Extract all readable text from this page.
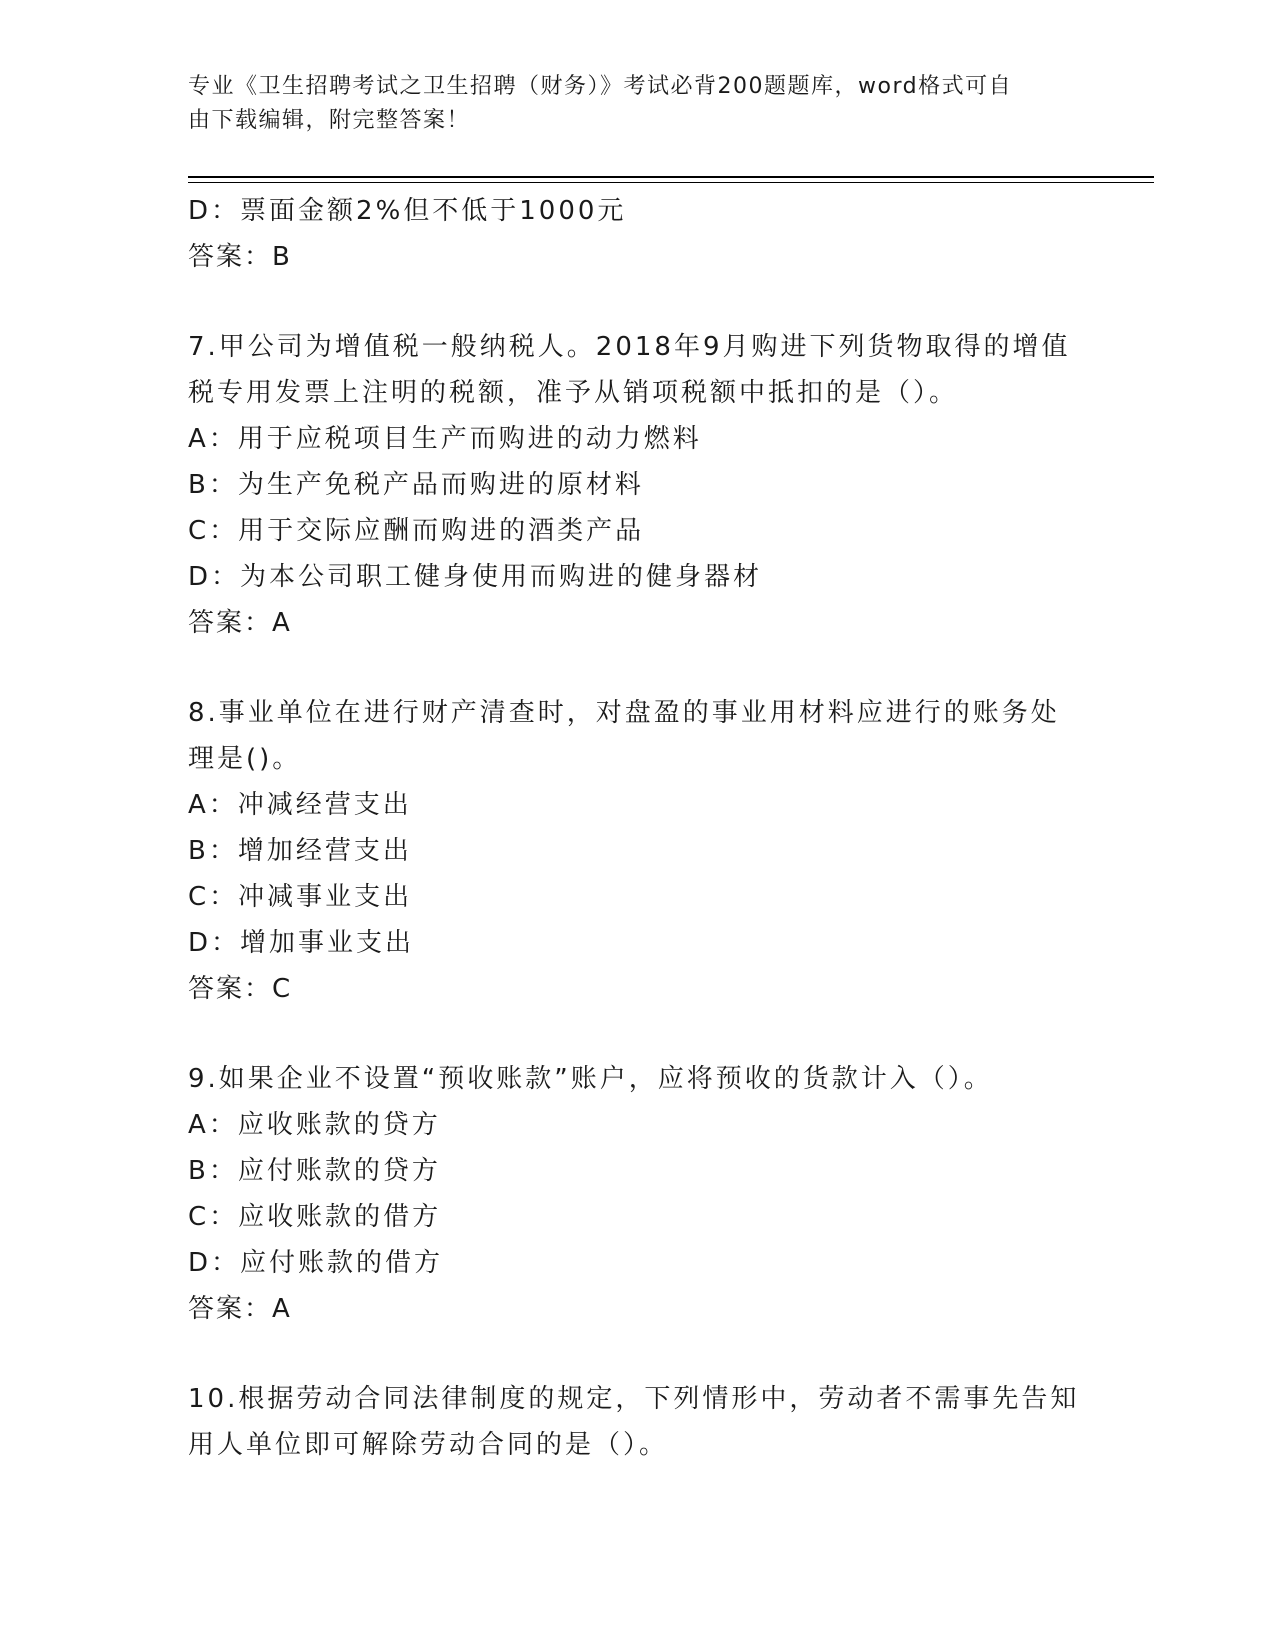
专业《卫生招聘考试之卫生招聘（财务）》考试必背200题题库，word格式可自
由下载编辑，附完整答案！
D：票面金额2%但不低于1000元
答案：B
7.甲公司为增值税一般纳税人。2018年9月购进下列货物取得的增值
税专用发票上注明的税额，准予从销项税额中抵扣的是（）。
A：用于应税项目生产而购进的动力燃料
B：为生产免税产品而购进的原材料
C：用于交际应酬而购进的酒类产品
D：为本公司职工健身使用而购进的健身器材
答案：A
8.事业单位在进行财产清查时，对盘盈的事业用材料应进行的账务处
理是()。
A：冲减经营支出
B：增加经营支出
C：冲减事业支出
D：增加事业支出
答案：C
9.如果企业不设置“预收账款”账户，应将预收的货款计入（）。
A：应收账款的贷方
B：应付账款的贷方
C：应收账款的借方
D：应付账款的借方
答案：A
10.根据劳动合同法律制度的规定，下列情形中，劳动者不需事先告知
用人单位即可解除劳动合同的是（）。
